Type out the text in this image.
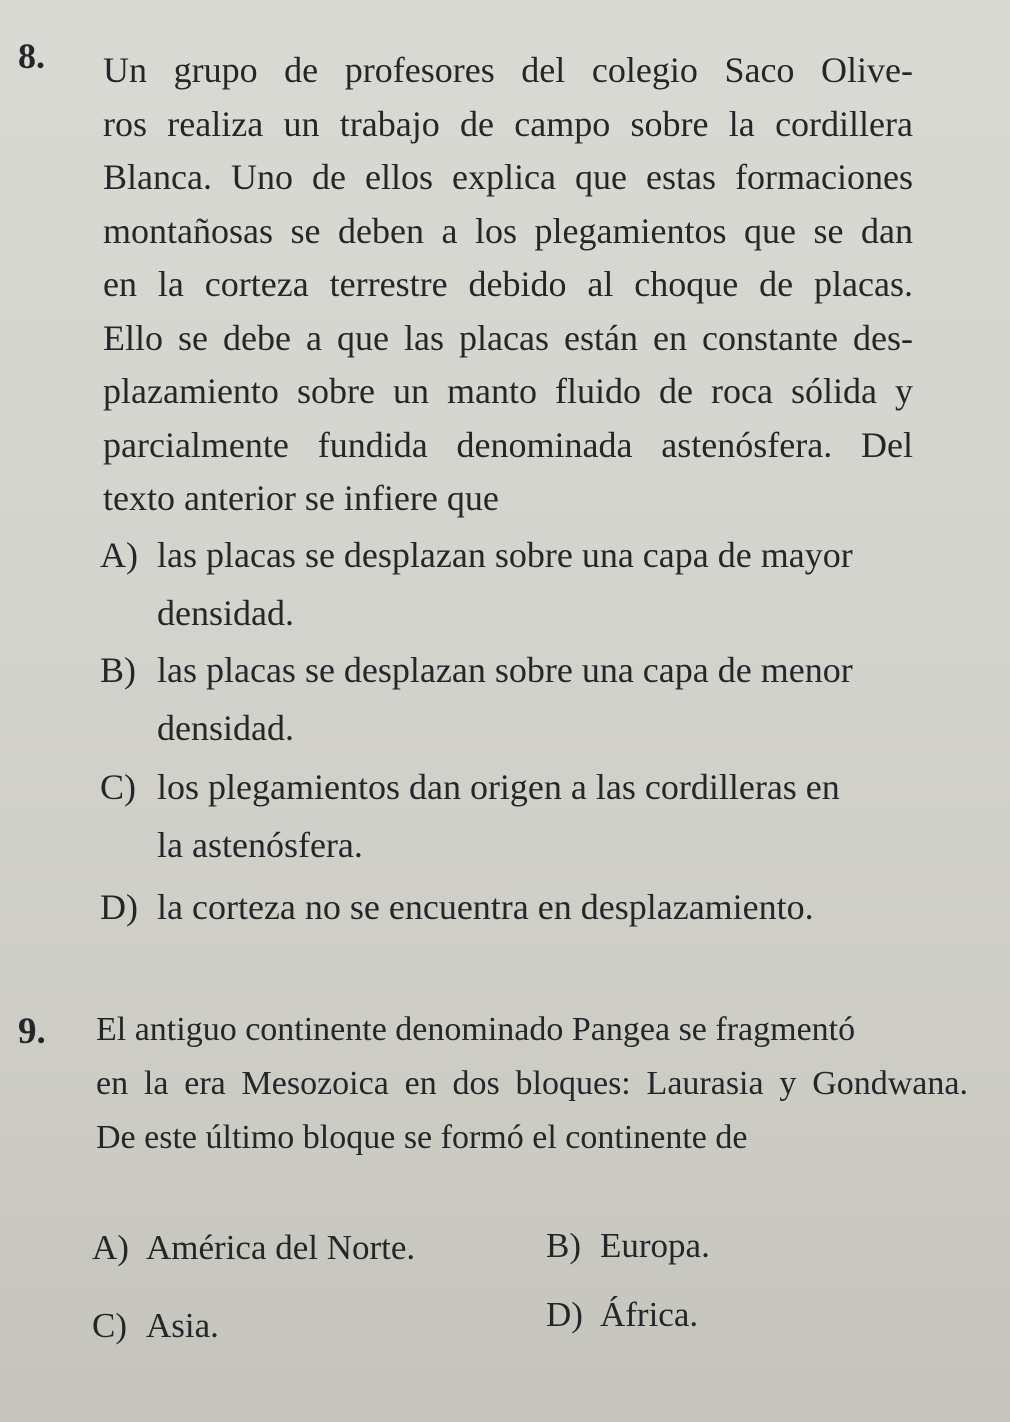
8. Un grupo de profesores del colegio Saco Olive-
ros realiza un trabajo de campo sobre la cordillera
Blanca. Uno de ellos explica que estas formaciones
montañosas se deben a los plegamientos que se dan
en la corteza terrestre debido al choque de placas.
Ello se debe a que las placas están en constante des-
plazamiento sobre un manto fluido de roca sólida y
parcialmente fundida denominada astenósfera. Del
texto anterior se infiere que
A) las placas se desplazan sobre una capa de mayor
densidad.
B) las placas se desplazan sobre una capa de menor
densidad.
C) los plegamientos dan origen a las cordilleras en
la astenósfera.
D) la corteza no se encuentra en desplazamiento.
9. El antiguo continente denominado Pangea se fragmentó
en la era Mesozoica en dos bloques: Laurasia y Gondwana.
De este último bloque se formó el continente de
A) América del Norte.	B) Europa.
C) Asia.	D) África.
